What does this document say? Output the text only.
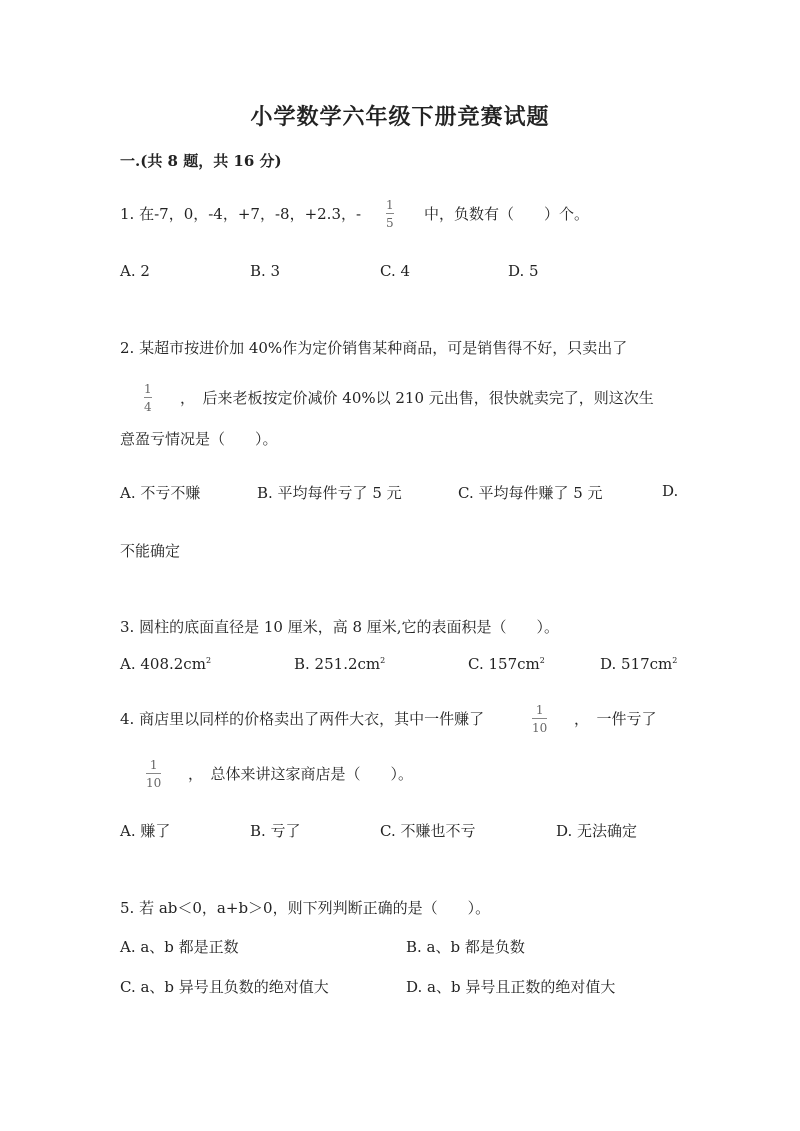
小学数学六年级下册竞赛试题
一.(共 8 题，共 16 分)
1. 在-7，0，-4，+7，-8，+2.3，- 1
5 中，负数有（　　）个。
A. 2	B. 3	C. 4	D. 5
2. 某超市按进价加 40%作为定价销售某种商品，可是销售得不好，只卖出了
1
4 ，　后来老板按定价减价 40%以 210 元出售，很快就卖完了，则这次生
意盈亏情况是（　　）。
A. 不亏不赚	B. 平均每件亏了 5 元	C. 平均每件赚了 5 元	D.
不能确定
3. 圆柱的底面直径是 10 厘米，高 8 厘米,它的表面积是（　　）。
A. $408.2cm^2$	B. $251.2cm^2$	C. $157cm^2$	D. $517cm^2$
4. 商店里以同样的价格卖出了两件大衣，其中一件赚了	1
10 ，　一件亏了
1
10 ，　总体来讲这家商店是（　　）。
A. 赚了	B. 亏了	C. 不赚也不亏	D. 无法确定
5. 若 ab＜0，a+b＞0，则下列判断正确的是（　　）。
A. a、b 都是正数	B. a、b 都是负数
C. a、b 异号且负数的绝对值大	D. a、b 异号且正数的绝对值大
